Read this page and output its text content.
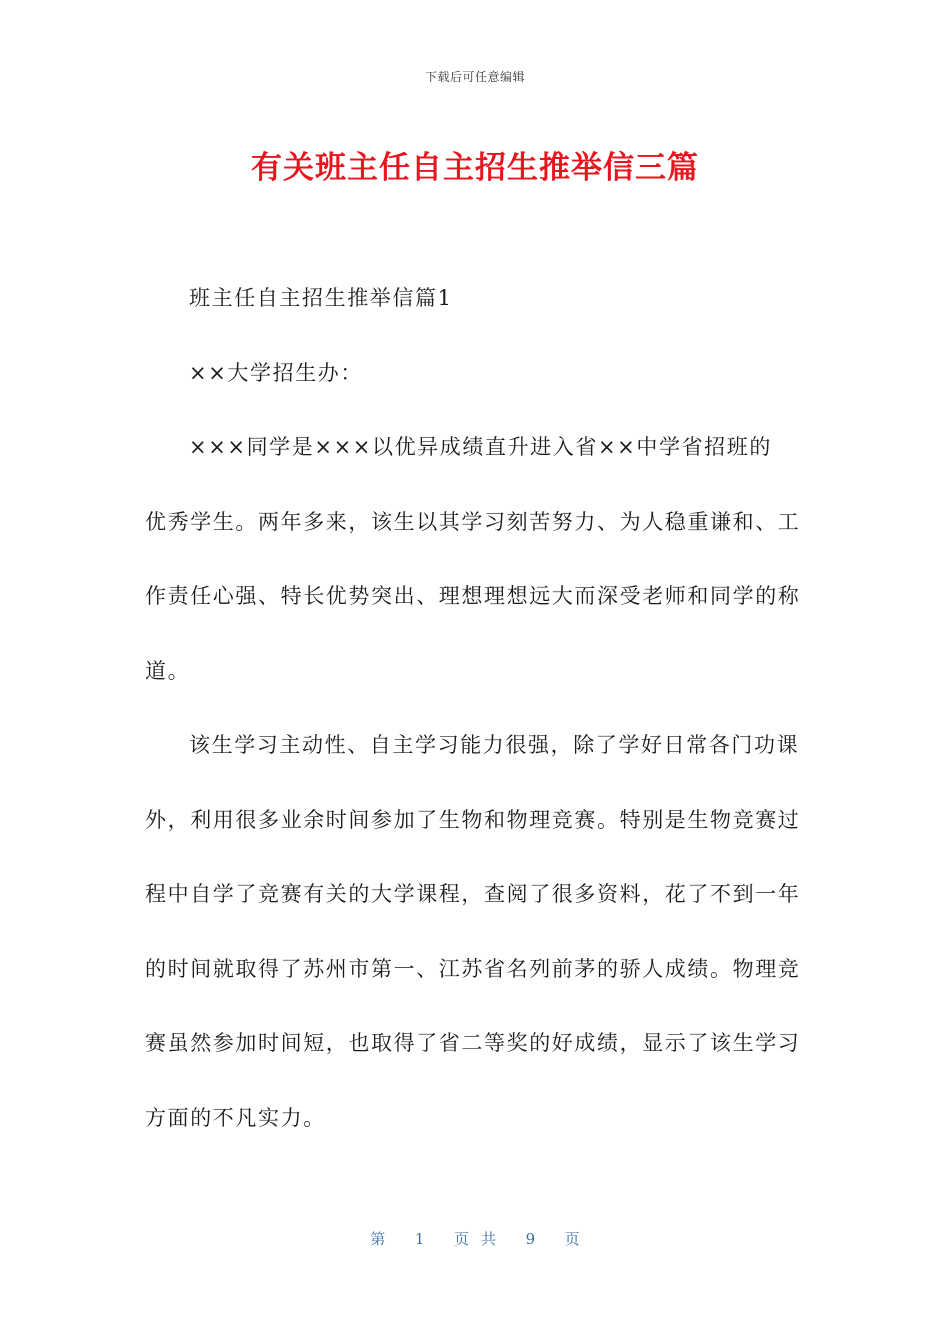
下载后可任意编辑
有关班主任自主招生推举信三篇

班主任自主招生推举信篇1

××大学招生办：

×××同学是×××以优异成绩直升进入省××中学省招班的

优秀学生。两年多来，该生以其学习刻苦努力、为人稳重谦和、工

作责任心强、特长优势突出、理想理想远大而深受老师和同学的称

道。

该生学习主动性、自主学习能力很强，除了学好日常各门功课

外，利用很多业余时间参加了生物和物理竞赛。特别是生物竞赛过

程中自学了竞赛有关的大学课程，查阅了很多资料，花了不到一年

的时间就取得了苏州市第一、江苏省名列前茅的骄人成绩。物理竞

赛虽然参加时间短，也取得了省二等奖的好成绩，显示了该生学习

方面的不凡实力。

第 1 页共 9 页
